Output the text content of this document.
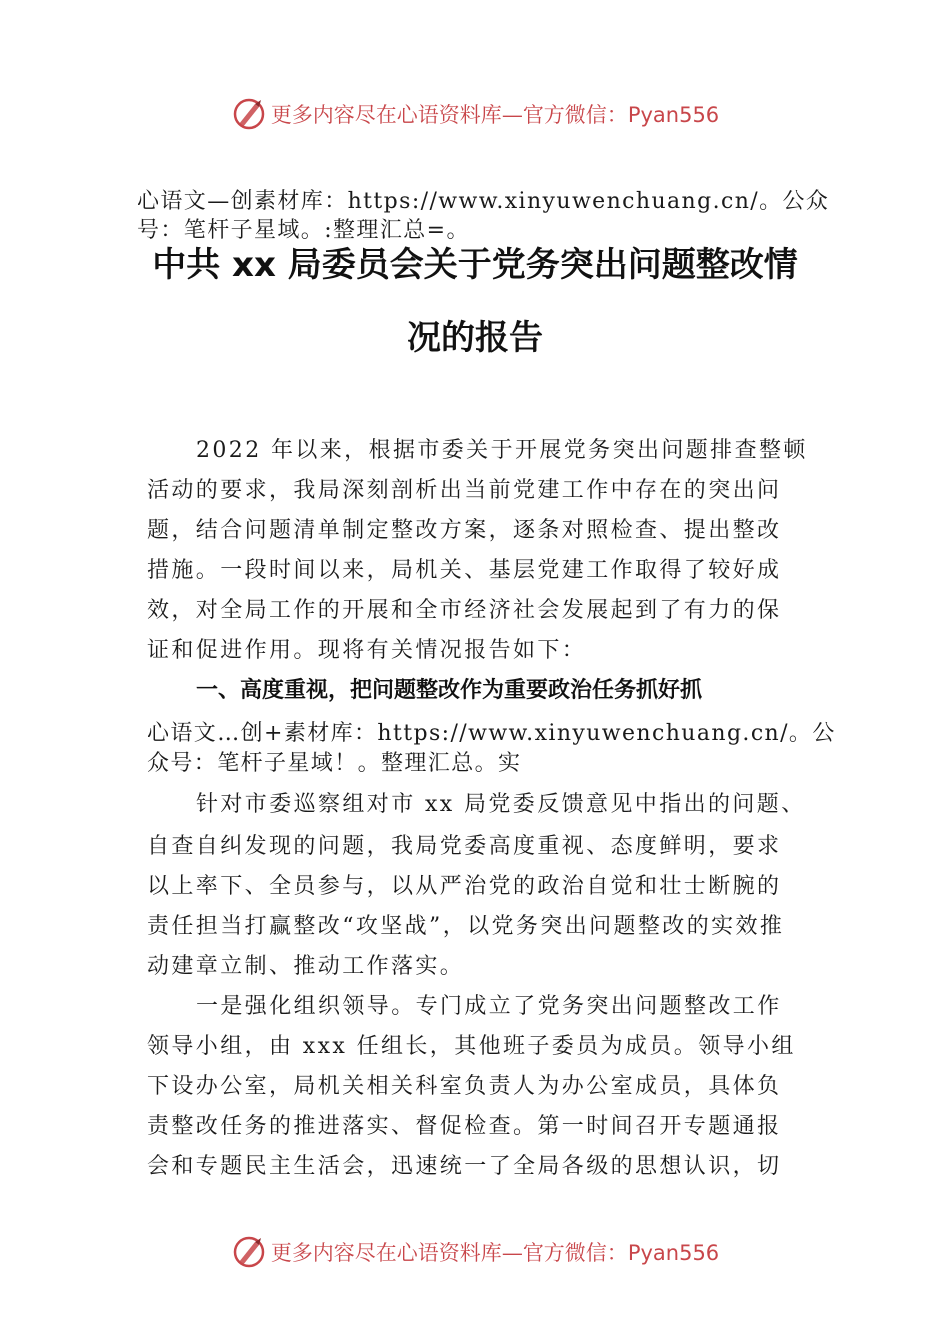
更多内容尽在心语资料库—官方微信：Pyan556
心语文—创素材库：https://www.xinyuwenchuang.cn/。公众
号：笔杆子星域。:整理汇总=。
中共 xx 局委员会关于党务突出问题整改情
况的报告
2022 年以来，根据市委关于开展党务突出问题排查整顿
活动的要求，我局深刻剖析出当前党建工作中存在的突出问
题，结合问题清单制定整改方案，逐条对照检查、提出整改
措施。一段时间以来，局机关、基层党建工作取得了较好成
效，对全局工作的开展和全市经济社会发展起到了有力的保
证和促进作用。现将有关情况报告如下：
一、高度重视，把问题整改作为重要政治任务抓好抓
心语文…创+素材库：https://www.xinyuwenchuang.cn/。公
众号：笔杆子星域！。整理汇总。实
针对市委巡察组对市 xx 局党委反馈意见中指出的问题、
自查自纠发现的问题，我局党委高度重视、态度鲜明，要求
以上率下、全员参与，以从严治党的政治自觉和壮士断腕的
责任担当打赢整改“攻坚战”，以党务突出问题整改的实效推
动建章立制、推动工作落实。
一是强化组织领导。专门成立了党务突出问题整改工作
领导小组，由 xxx 任组长，其他班子委员为成员。领导小组
下设办公室，局机关相关科室负责人为办公室成员，具体负
责整改任务的推进落实、督促检查。第一时间召开专题通报
会和专题民主生活会，迅速统一了全局各级的思想认识，切
更多内容尽在心语资料库—官方微信：Pyan556
